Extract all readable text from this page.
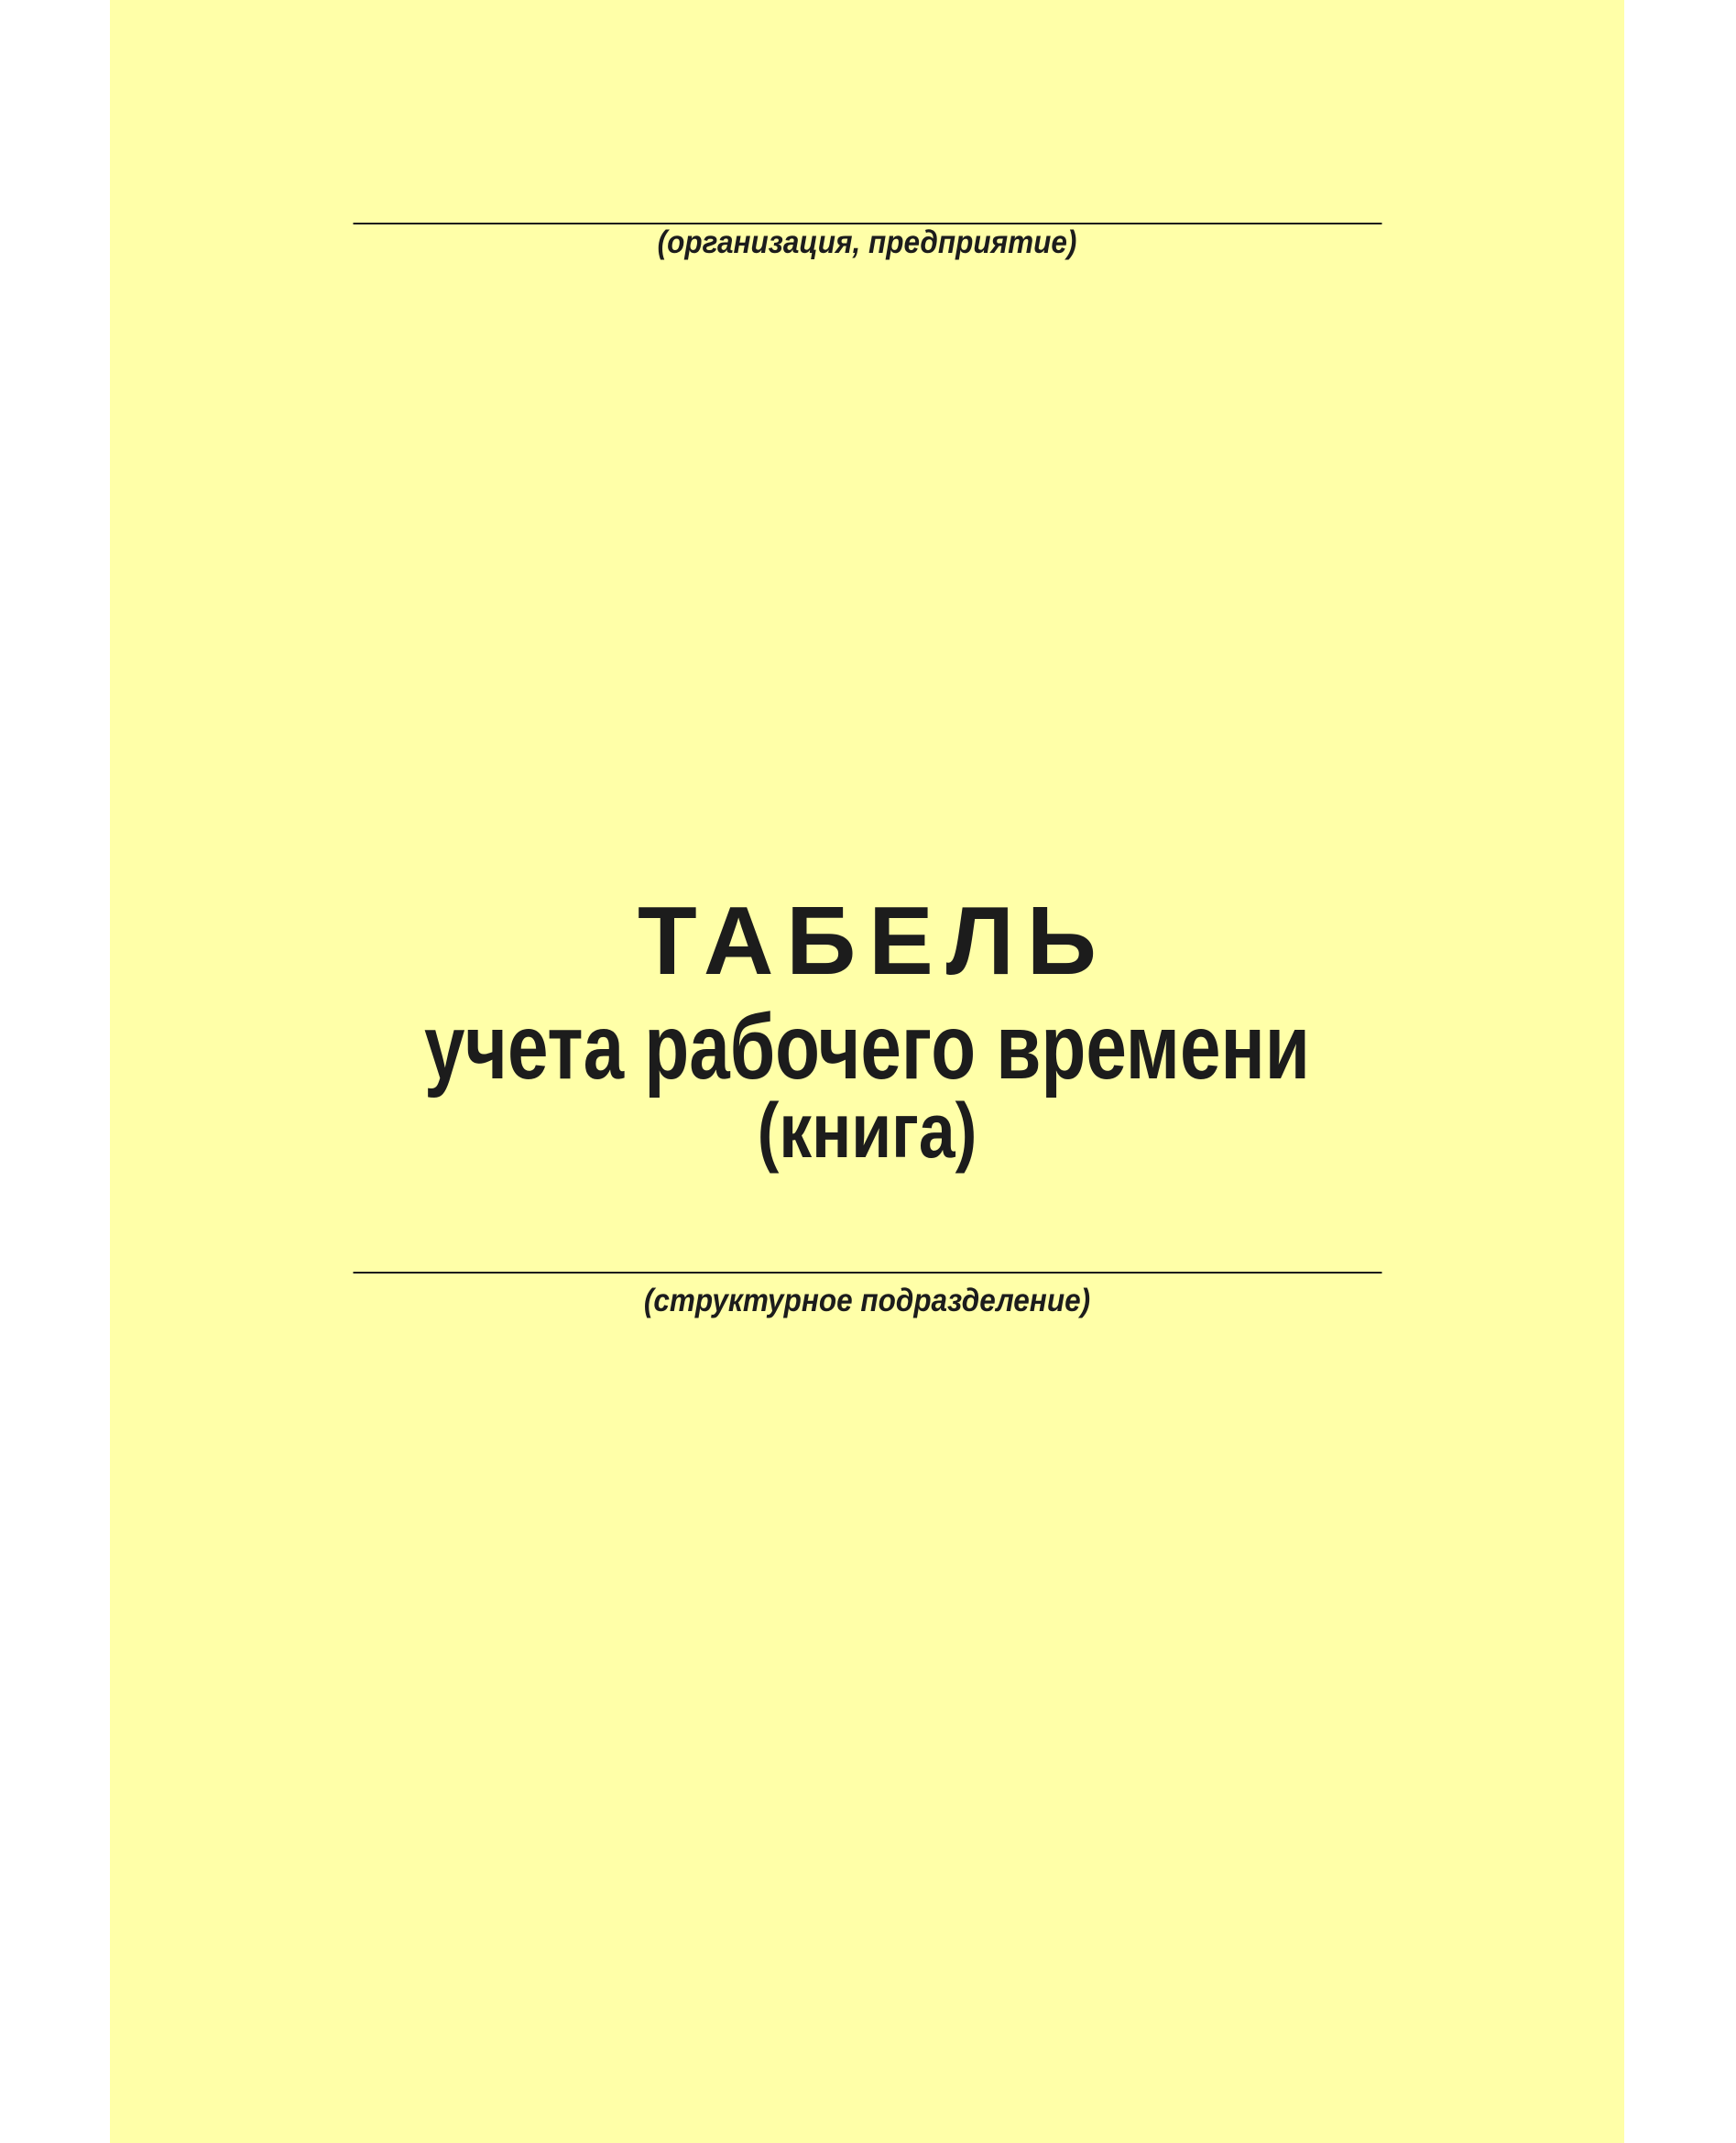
(организация, предприятие)
ТАБЕЛЬ
учета рабочего времени
(книга)
(структурное подразделение)
